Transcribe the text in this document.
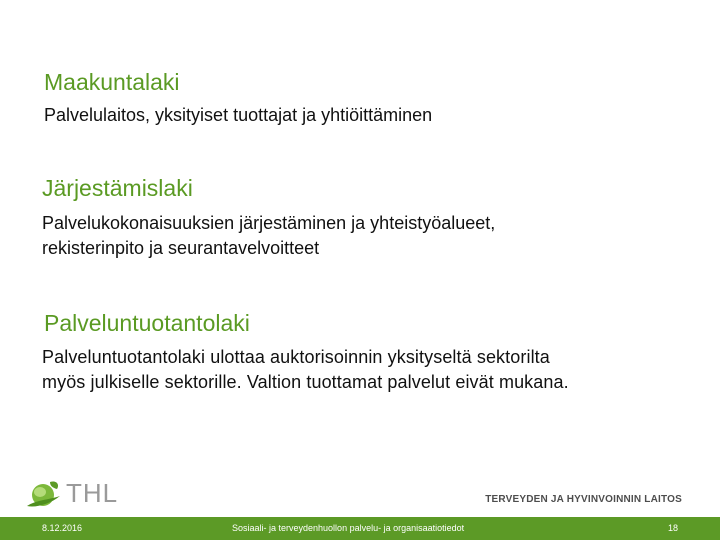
Maakuntalaki

Palvelulaitos, yksityiset tuottajat ja yhtiöittäminen

Järjestämislaki

Palvelukokonaisuuksien järjestäminen ja yhteistyöalueet,
rekisterinpito ja seurantavelvoitteet

Palveluntuotantolaki

Palveluntuotantolaki ulottaa auktorisoinnin yksityseltä sektorilta
myös julkiselle sektorille. Valtion tuottamat palvelut eivät mukana.

THL	TERVEYDEN JA HYVINVOINNIN LAITOS
8.12.2016	Sosiaali- ja terveydenhuollon palvelu- ja organisaatiotiedot	18
